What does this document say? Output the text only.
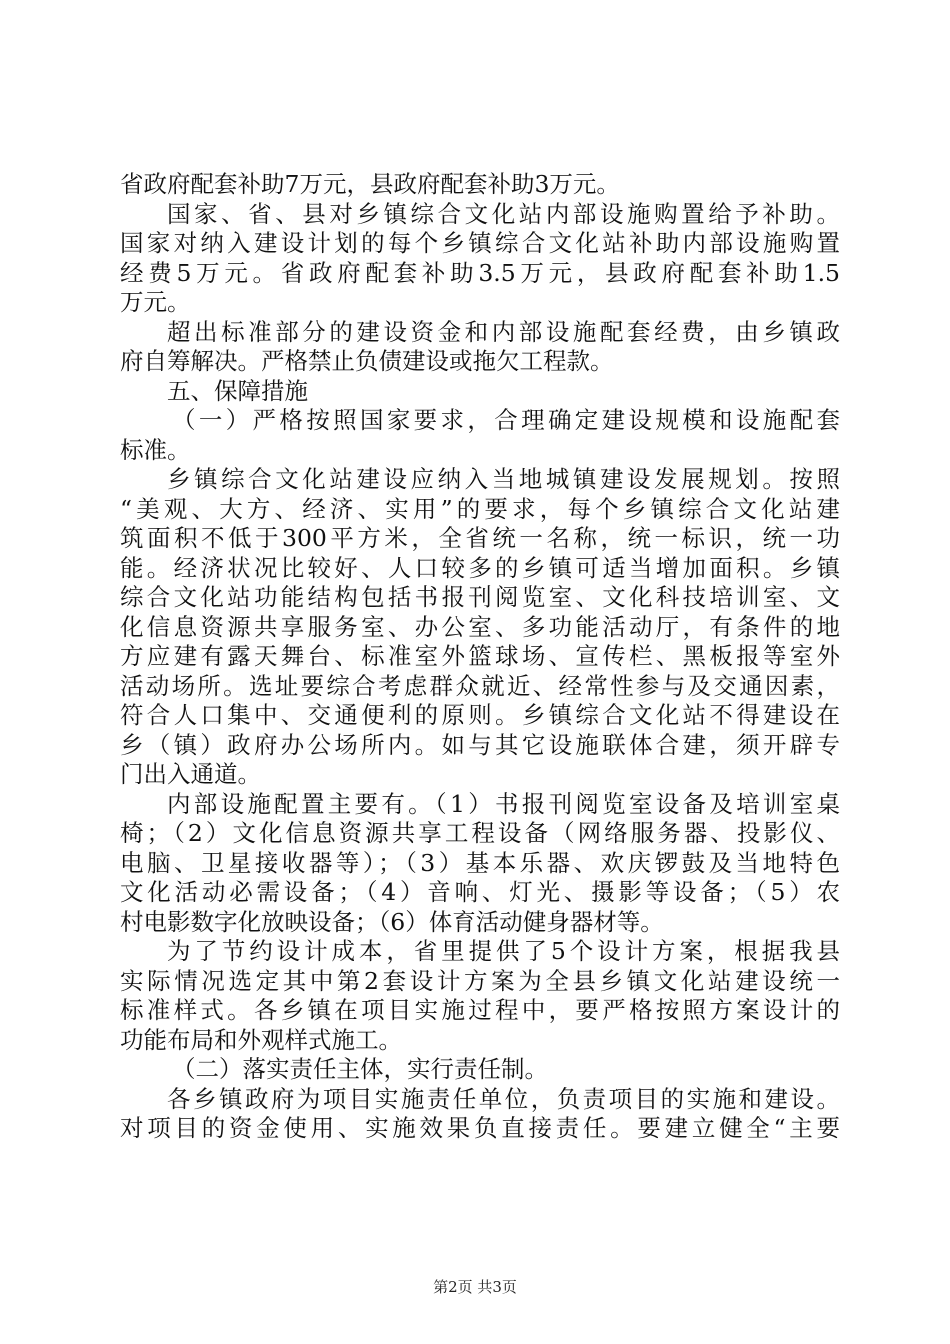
省政府配套补助7万元，县政府配套补助3万元。
国家、省、县对乡镇综合文化站内部设施购置给予补助。
国家对纳入建设计划的每个乡镇综合文化站补助内部设施购置
经费5万元。省政府配套补助3.5万元，县政府配套补助1.5
万元。
超出标准部分的建设资金和内部设施配套经费，由乡镇政
府自筹解决。严格禁止负债建设或拖欠工程款。
五、保障措施
（一）严格按照国家要求，合理确定建设规模和设施配套
标准。
乡镇综合文化站建设应纳入当地城镇建设发展规划。按照
“美观、大方、经济、实用”的要求，每个乡镇综合文化站建
筑面积不低于300平方米，全省统一名称，统一标识，统一功
能。经济状况比较好、人口较多的乡镇可适当增加面积。乡镇
综合文化站功能结构包括书报刊阅览室、文化科技培训室、文
化信息资源共享服务室、办公室、多功能活动厅，有条件的地
方应建有露天舞台、标准室外篮球场、宣传栏、黑板报等室外
活动场所。选址要综合考虑群众就近、经常性参与及交通因素，
符合人口集中、交通便利的原则。乡镇综合文化站不得建设在
乡（镇）政府办公场所内。如与其它设施联体合建，须开辟专
门出入通道。
内部设施配置主要有。（1）书报刊阅览室设备及培训室桌
椅；（2）文化信息资源共享工程设备（网络服务器、投影仪、
电脑、卫星接收器等）；（3）基本乐器、欢庆锣鼓及当地特色
文化活动必需设备；（4）音响、灯光、摄影等设备；（5）农
村电影数字化放映设备；（6）体育活动健身器材等。
为了节约设计成本，省里提供了5个设计方案，根据我县
实际情况选定其中第2套设计方案为全县乡镇文化站建设统一
标准样式。各乡镇在项目实施过程中，要严格按照方案设计的
功能布局和外观样式施工。
（二）落实责任主体，实行责任制。
各乡镇政府为项目实施责任单位，负责项目的实施和建设。
对项目的资金使用、实施效果负直接责任。要建立健全“主要
第2页 共3页
